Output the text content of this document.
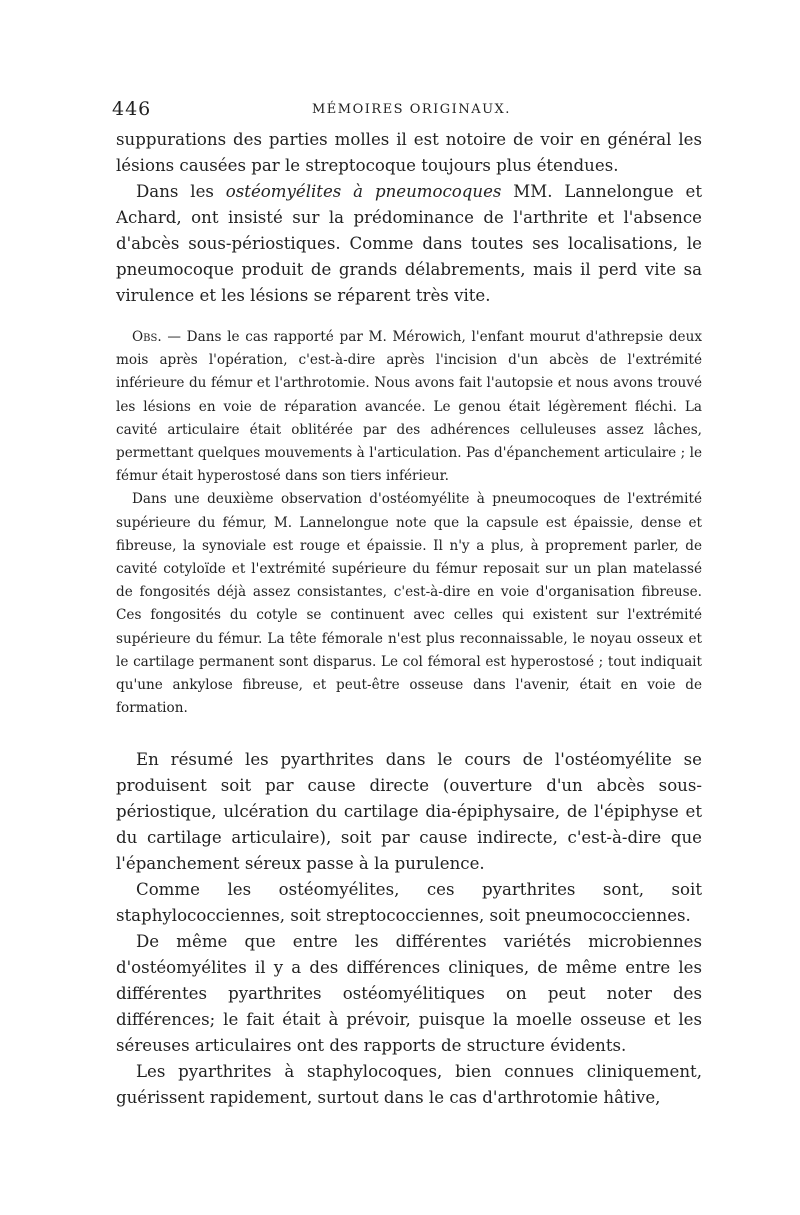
446	MÉMOIRES ORIGINAUX.

suppurations des parties molles il est notoire de voir en général les lésions causées par le streptocoque toujours plus étendues.

Dans les ostéomyélites à pneumocoques MM. Lannelongue et Achard, ont insisté sur la prédominance de l'arthrite et l'absence d'abcès sous-périostiques. Comme dans toutes ses localisations, le pneumocoque produit de grands délabrements, mais il perd vite sa virulence et les lésions se réparent très vite.

Obs. — Dans le cas rapporté par M. Mérowich, l'enfant mourut d'athrepsie deux mois après l'opération, c'est-à-dire après l'incision d'un abcès de l'extrémité inférieure du fémur et l'arthrotomie. Nous avons fait l'autopsie et nous avons trouvé les lésions en voie de réparation avancée. Le genou était légèrement fléchi. La cavité articulaire était oblitérée par des adhérences celluleuses assez lâches, permettant quelques mouvements à l'articulation. Pas d'épanchement articulaire ; le fémur était hyperostosé dans son tiers inférieur.

Dans une deuxième observation d'ostéomyélite à pneumocoques de l'extrémité supérieure du fémur, M. Lannelongue note que la capsule est épaissie, dense et fibreuse, la synoviale est rouge et épaissie. Il n'y a plus, à proprement parler, de cavité cotyloïde et l'extrémité supérieure du fémur reposait sur un plan matelassé de fongosités déjà assez consistantes, c'est-à-dire en voie d'organisation fibreuse. Ces fongosités du cotyle se continuent avec celles qui existent sur l'extrémité supérieure du fémur. La tête fémorale n'est plus reconnaissable, le noyau osseux et le cartilage permanent sont disparus. Le col fémoral est hyperostosé ; tout indiquait qu'une ankylose fibreuse, et peut-être osseuse dans l'avenir, était en voie de formation.

En résumé les pyarthrites dans le cours de l'ostéomyélite se produisent soit par cause directe (ouverture d'un abcès sous-périostique, ulcération du cartilage dia-épiphysaire, de l'épiphyse et du cartilage articulaire), soit par cause indirecte, c'est-à-dire que l'épanchement séreux passe à la purulence.

Comme les ostéomyélites, ces pyarthrites sont, soit staphylococciennes, soit streptococciennes, soit pneumococciennes.

De même que entre les différentes variétés microbiennes d'ostéomyélites il y a des différences cliniques, de même entre les différentes pyarthrites ostéomyélitiques on peut noter des différences; le fait était à prévoir, puisque la moelle osseuse et les séreuses articulaires ont des rapports de structure évidents.

Les pyarthrites à staphylocoques, bien connues cliniquement, guérissent rapidement, surtout dans le cas d'arthrotomie hâtive,
